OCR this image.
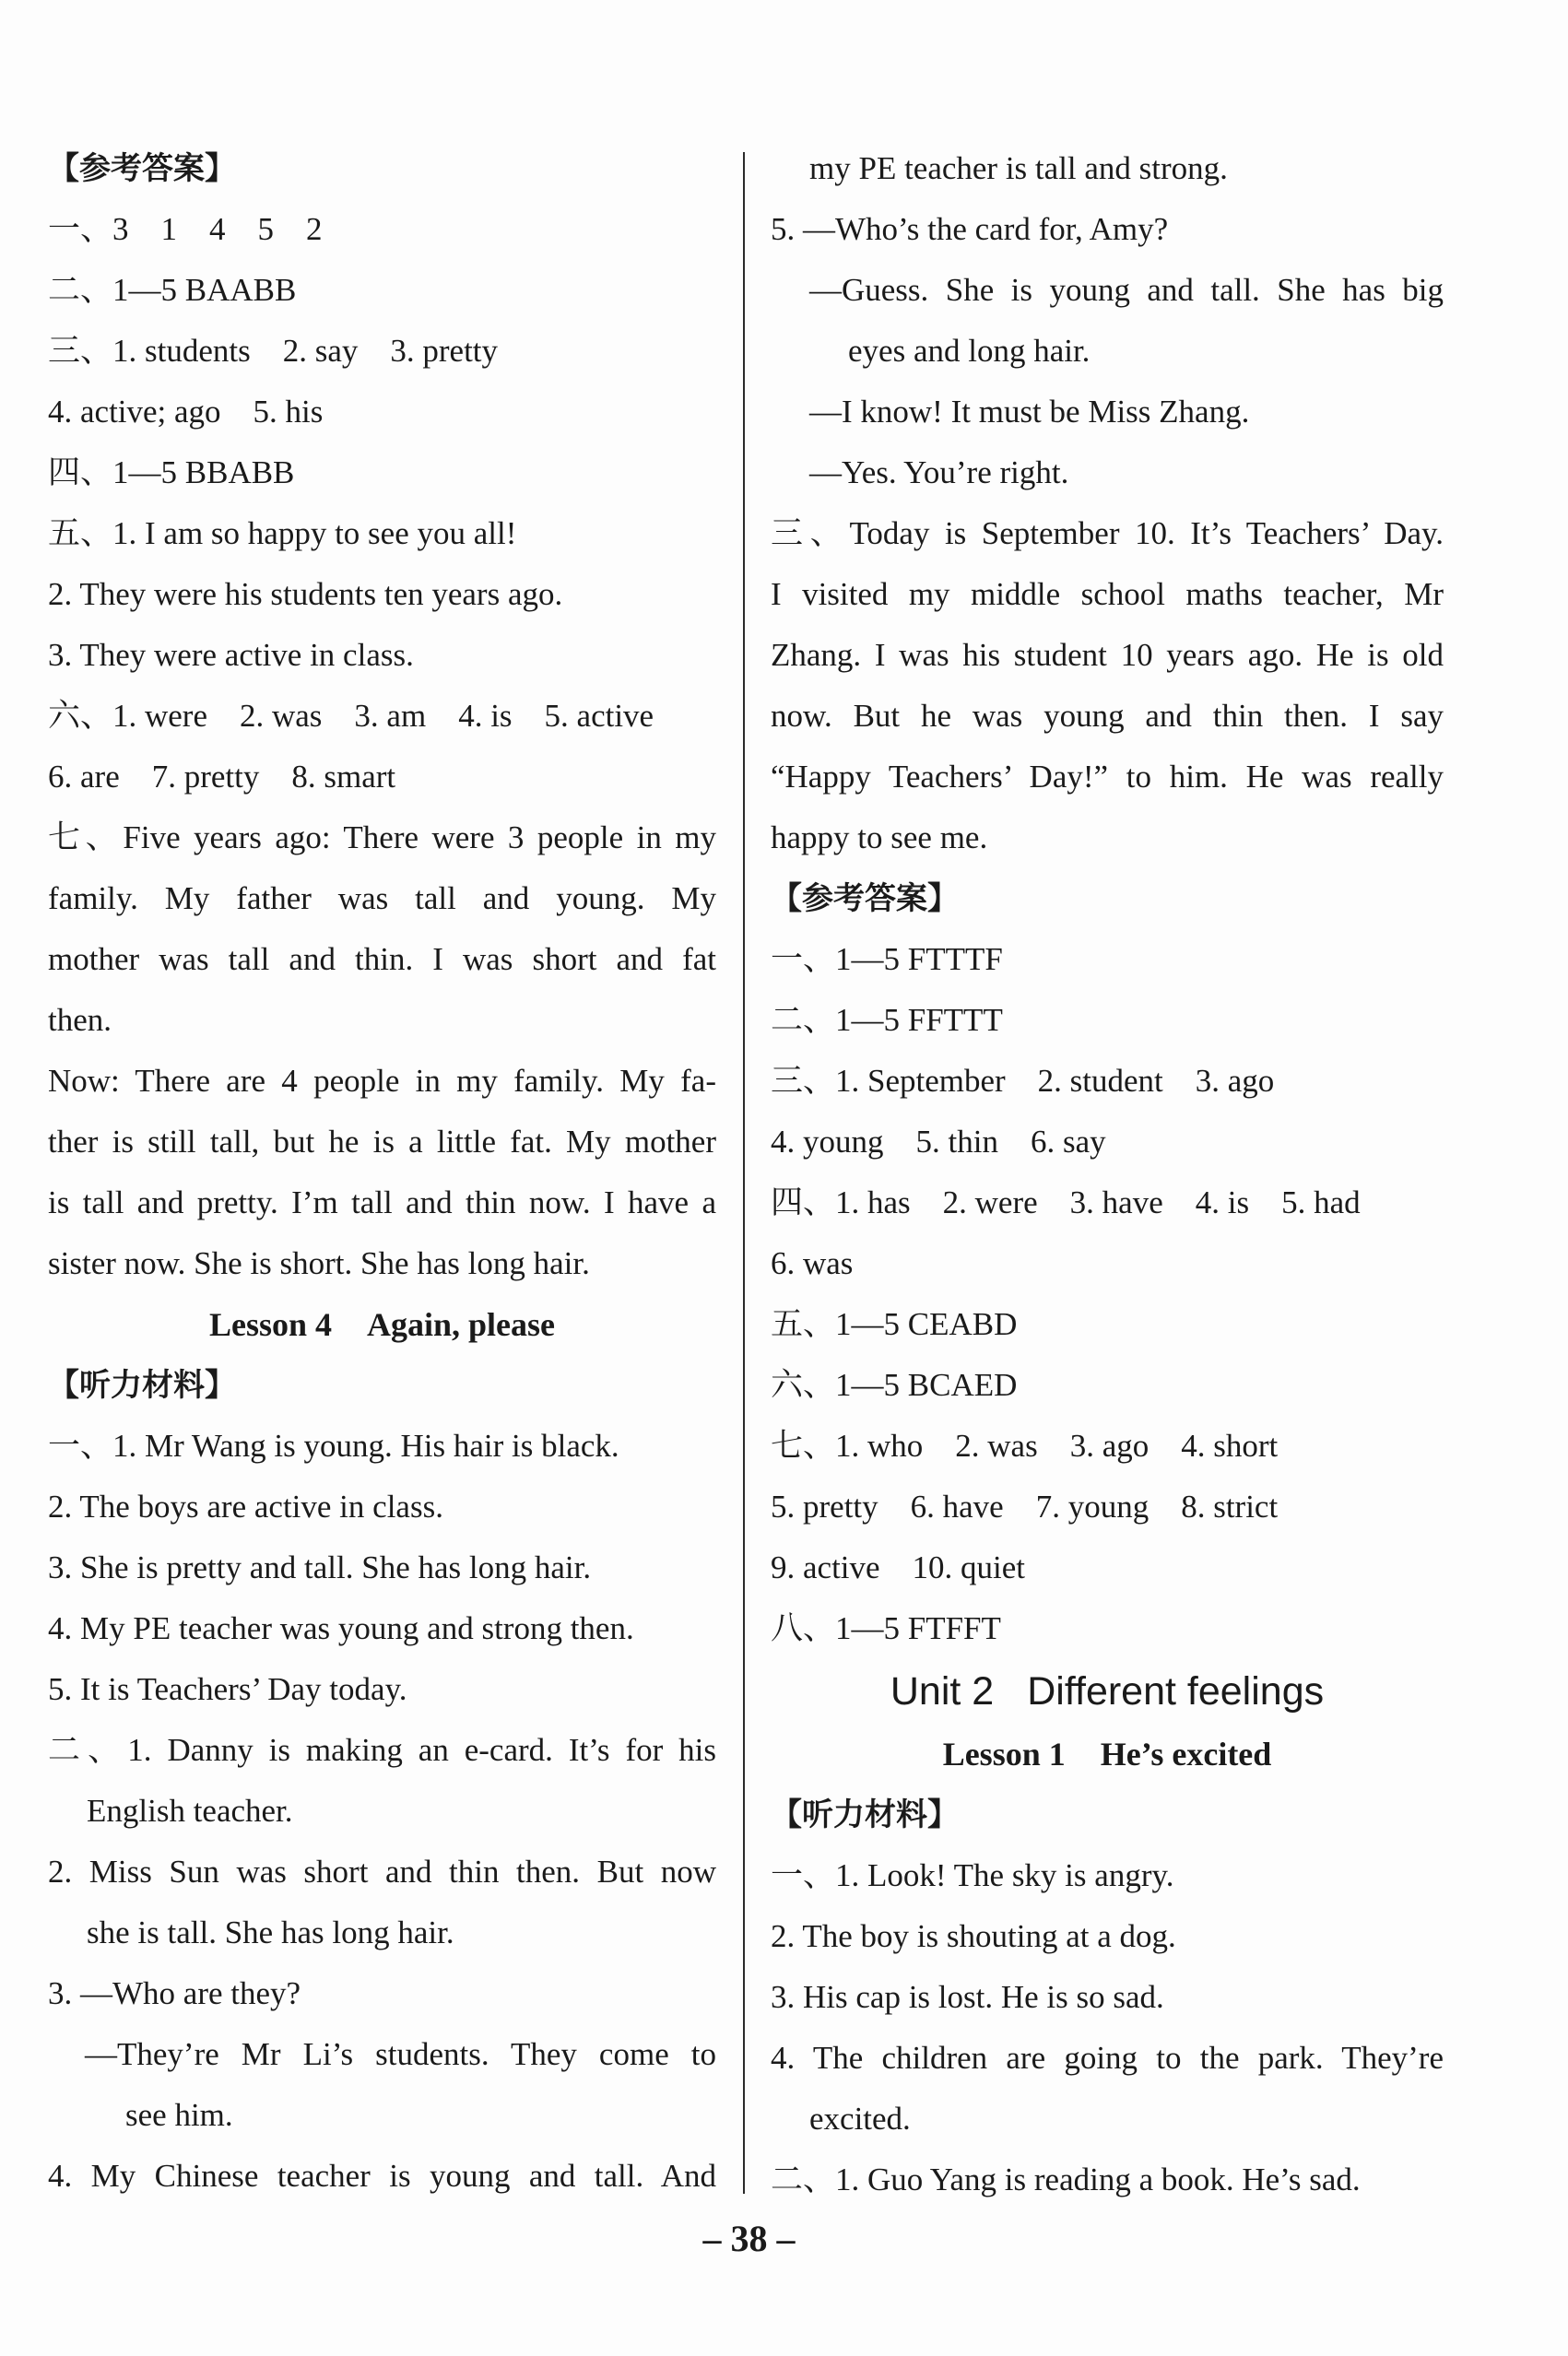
【参考答案】
一、3　1　4　5　2
二、1—5 BAABB
三、1. students　2. say　3. pretty
4. active; ago　5. his
四、1—5 BBABB
五、1. I am so happy to see you all!
2. They were his students ten years ago.
3. They were active in class.
六、1. were　2. was　3. am　4. is　5. active
6. are　7. pretty　8. smart
七、Five years ago: There were 3 people in my
family. My father was tall and young. My
mother was tall and thin. I was short and fat
then.
Now: There are 4 people in my family. My fa-
ther is still tall, but he is a little fat. My mother
is tall and pretty. I’m tall and thin now. I have a
sister now. She is short. She has long hair.
Lesson 4 Again, please
【听力材料】
一、1. Mr Wang is young. His hair is black.
2. The boys are active in class.
3. She is pretty and tall. She has long hair.
4. My PE teacher was young and strong then.
5. It is Teachers’ Day today.
二、1. Danny is making an e-card. It’s for his
English teacher.
2. Miss Sun was short and thin then. But now
she is tall. She has long hair.
3. —Who are they?
—They’re Mr Li’s students. They come to
see him.
4. My Chinese teacher is young and tall. And
my PE teacher is tall and strong.
5. —Who’s the card for, Amy?
—Guess. She is young and tall. She has big
eyes and long hair.
—I know! It must be Miss Zhang.
—Yes. You’re right.
三、Today is September 10. It’s Teachers’ Day.
I visited my middle school maths teacher, Mr
Zhang. I was his student 10 years ago. He is old
now. But he was young and thin then. I say
“Happy Teachers’ Day!” to him. He was really
happy to see me.
【参考答案】
一、1—5 FTTTF
二、1—5 FFTTT
三、1. September　2. student　3. ago
4. young　5. thin　6. say
四、1. has　2. were　3. have　4. is　5. had
6. was
五、1—5 CEABD
六、1—5 BCAED
七、1. who　2. was　3. ago　4. short
5. pretty　6. have　7. young　8. strict
9. active　10. quiet
八、1—5 FTFFT
Unit 2 Different feelings
Lesson 1 He’s excited
【听力材料】
一、1. Look! The sky is angry.
2. The boy is shouting at a dog.
3. His cap is lost. He is so sad.
4. The children are going to the park. They’re
excited.
二、1. Guo Yang is reading a book. He’s sad.
– 38 –
